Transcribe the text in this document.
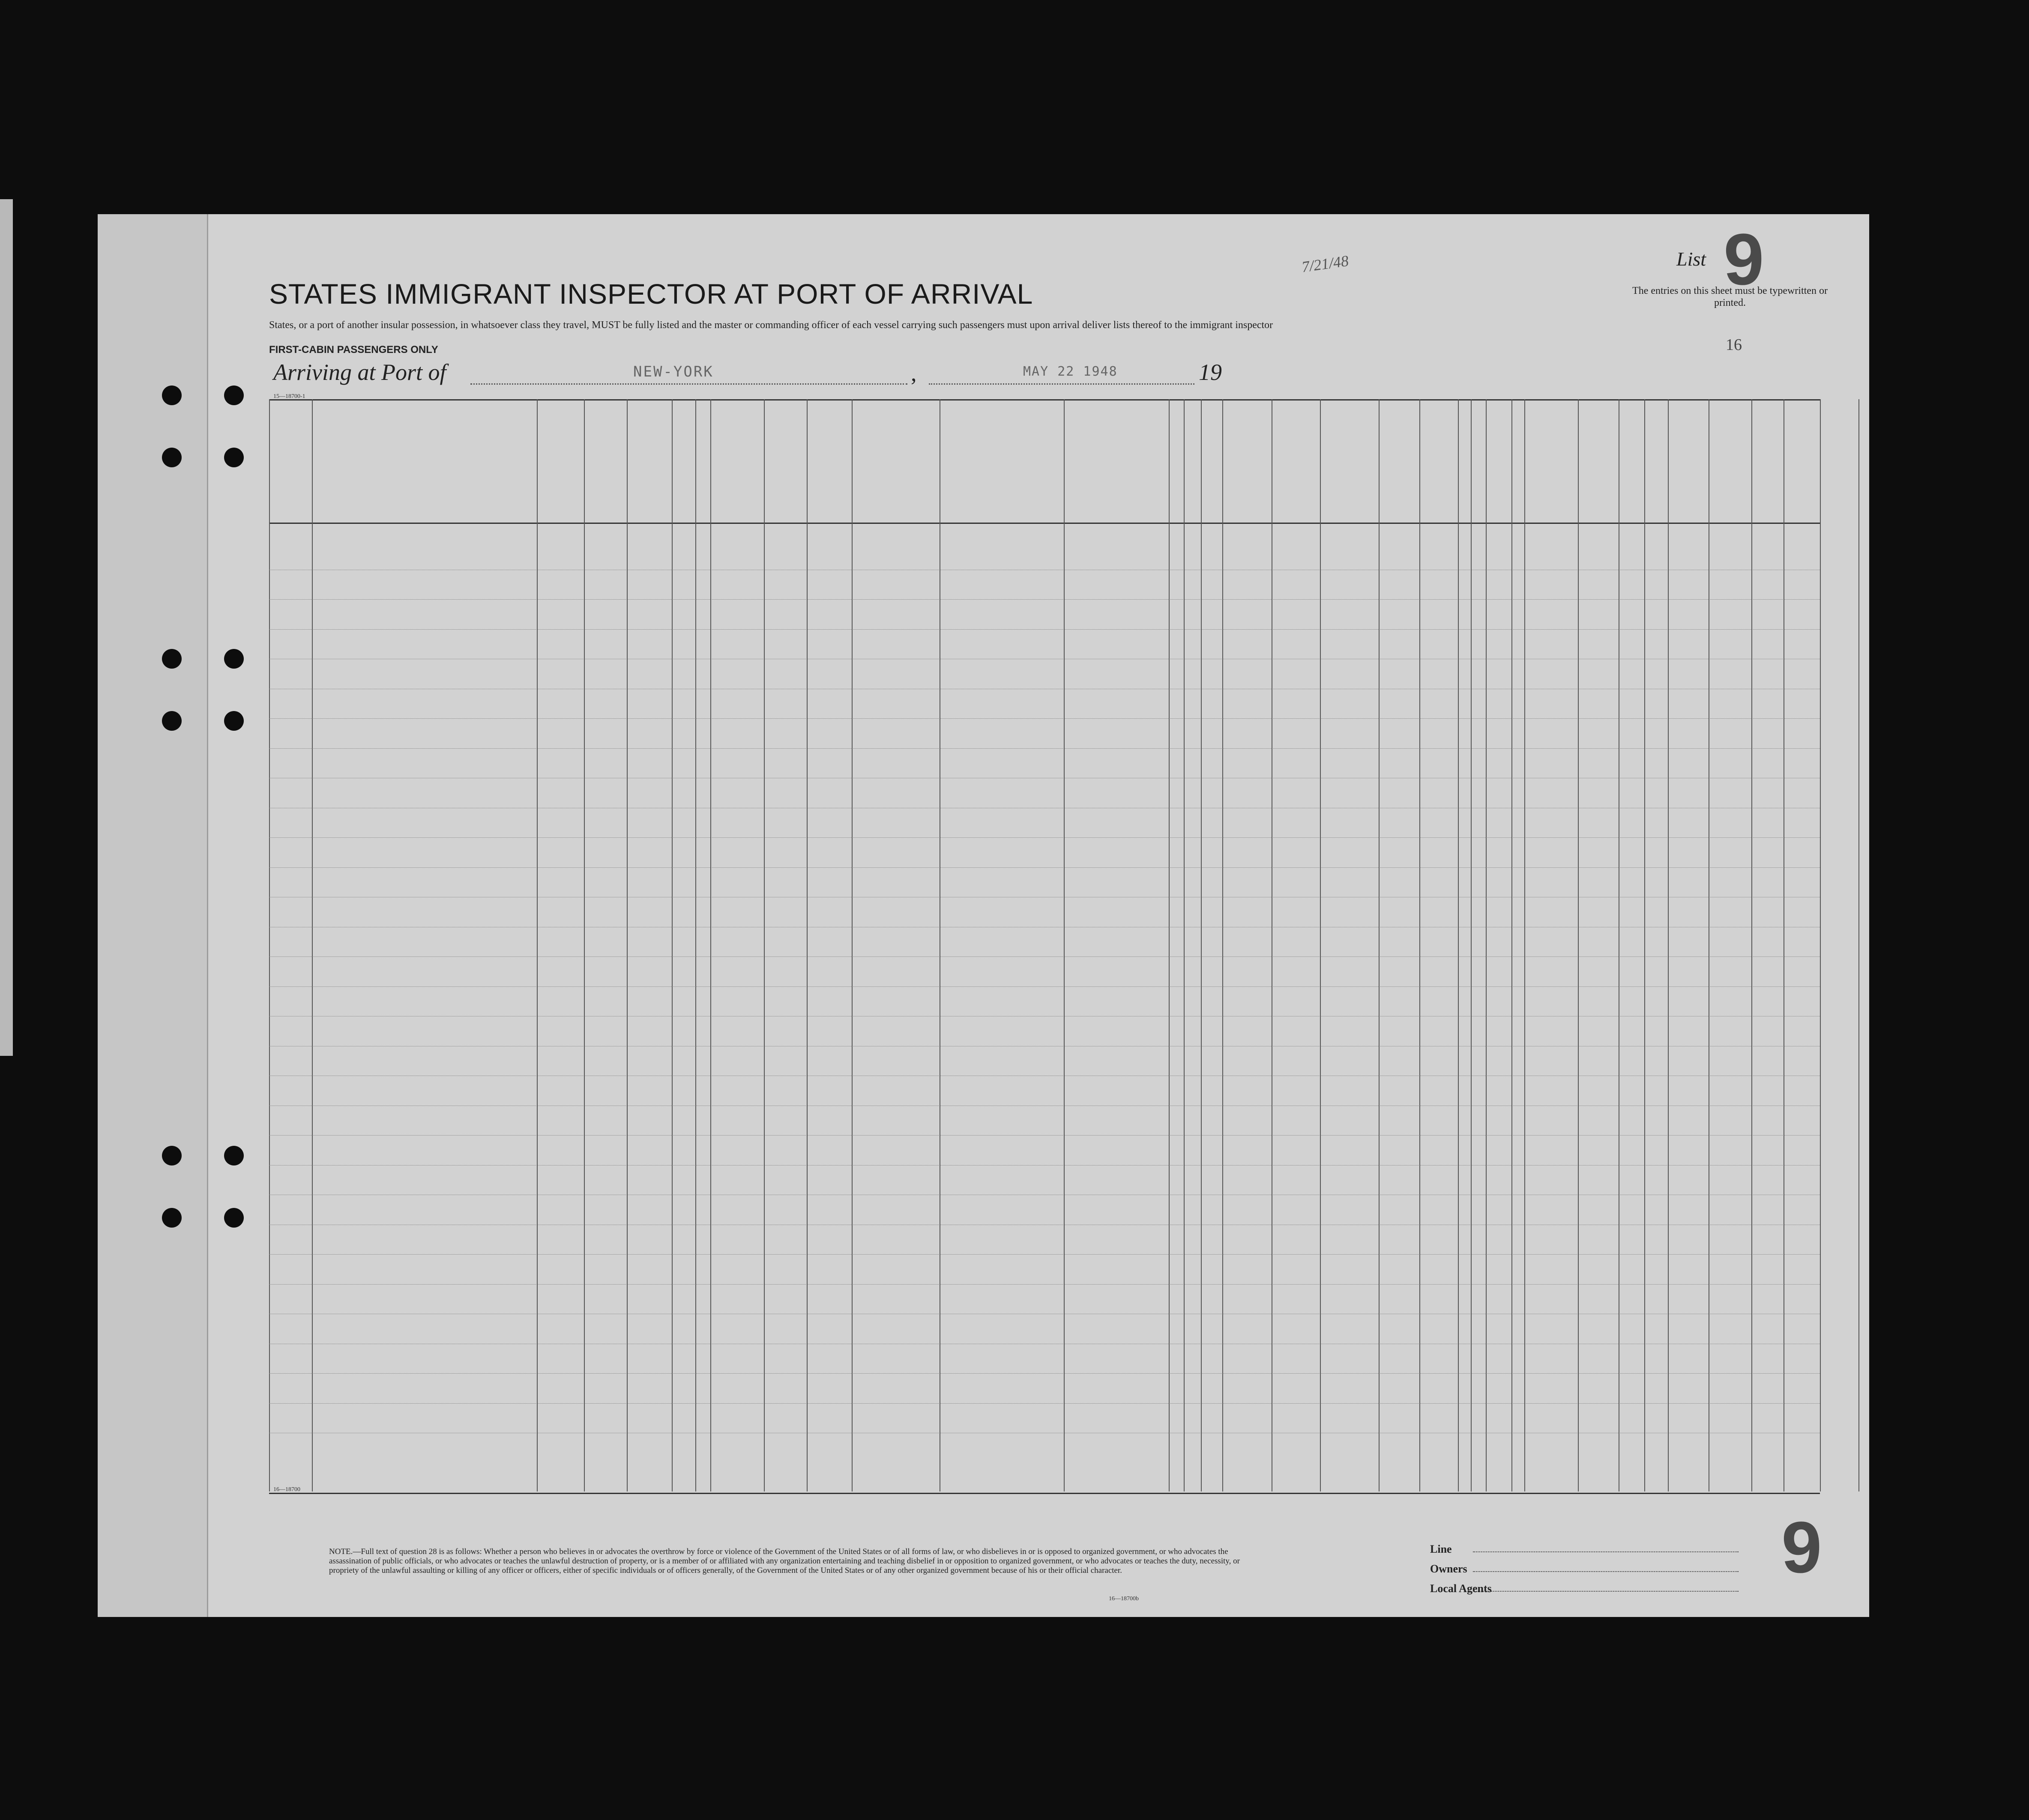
STATES IMMIGRANT INSPECTOR AT PORT OF ARRIVAL
States, or a port of another insular possession, in whatsoever class they travel, MUST be fully listed and the master or commanding officer of each vessel carrying such passengers must upon arrival deliver lists thereof to the immigrant inspector
FIRST-CABIN PASSENGERS ONLY
Arriving at Port of	NEW-YORK	,	MAY 22 1948	19
7/21/48	List 9
The entries on this sheet must be typewritten or printed.
16
15—18700-1
16—18700
NOTE.—Full text of question 28 is as follows: Whether a person who believes in or advocates the overthrow by force or violence of the Government of the United States or of all forms of law, or who disbelieves in or is opposed to organized government, or who advocates the assassination of public officials, or who advocates or teaches the unlawful destruction of property, or is a member of or affiliated with any organization entertaining and teaching disbelief in or opposition to organized government, or who advocates or teaches the duty, necessity, or propriety of the unlawful assaulting or killing of any officer or officers, either of specific individuals or of officers generally, of the Government of the United States or of any other organized government because of his or their official character.
16—18700b
Line
Owners
Local Agents
9
